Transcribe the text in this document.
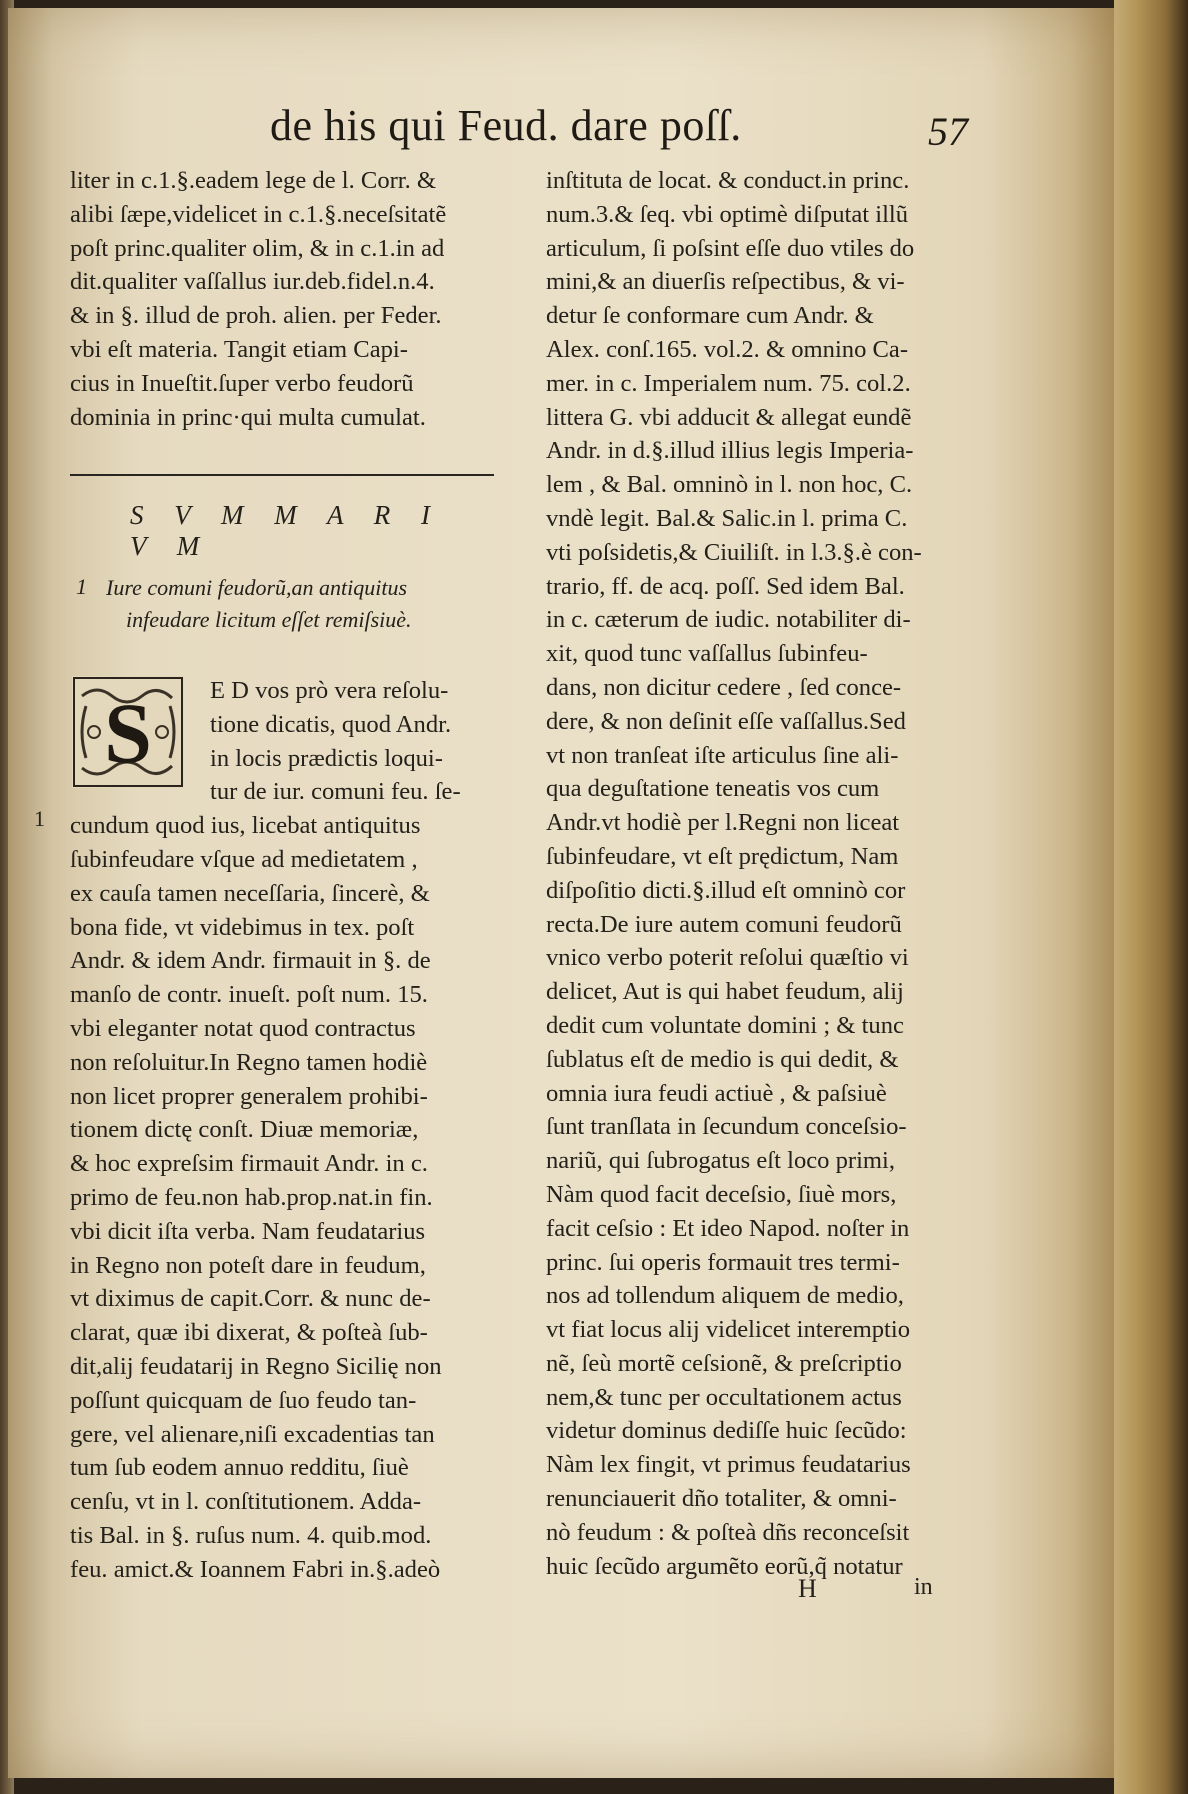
de his qui Feud. dare poſſ.	57
liter in c.1.§.eadem lege de l. Corr. &
alibi ſæpe,videlicet in c.1.§.neceſsitatẽ
poſt princ.qualiter olim, & in c.1.in ad
dit.qualiter vaſſallus iur.deb.fidel.n.4.
& in §. illud de proh. alien. per Feder.
vbi eſt materia. Tangit etiam Capi-
cius in Inueſtit.ſuper verbo feudorũ
dominia in princ·qui multa cumulat.
S V M M A R I V M
1 Iure comuni feudorũ,an antiquitus
infeudare licitum eſſet remiſsiuè.
E D vos prò vera reſolu-
tione dicatis, quod Andr.
in locis prædictis loqui-
tur de iur. comuni feu. ſe-
cundum quod ius, licebat antiquitus
ſubinfeudare vſque ad medietatem ,
ex cauſa tamen neceſſaria, ſincerè, &
bona fide, vt videbimus in tex. poſt
Andr. & idem Andr. firmauit in §. de
manſo de contr. inueſt. poſt num. 15.
vbi eleganter notat quod contractus
non reſoluitur.In Regno tamen hodiè
non licet proprer generalem prohibi-
tionem dictę conſt. Diuæ memoriæ,
& hoc expreſsim firmauit Andr. in c.
primo de feu.non hab.prop.nat.in fin.
vbi dicit iſta verba. Nam feudatarius
in Regno non poteſt dare in feudum,
vt diximus de capit.Corr. & nunc de-
clarat, quæ ibi dixerat, & poſteà ſub-
dit,alij feudatarij in Regno Sicilię non
poſſunt quicquam de ſuo feudo tan-
gere, vel alienare,niſi excadentias tan
tum ſub eodem annuo redditu, ſiuè
cenſu, vt in l. conſtitutionem. Adda-
tis Bal. in §. ruſus num. 4. quib.mod.
feu. amict.& Ioannem Fabri in.§.adeò
S
1
inſtituta de locat. & conduct.in princ.
num.3.& ſeq. vbi optimè diſputat illũ
articulum, ſi poſsint eſſe duo vtiles do
mini,& an diuerſis reſpectibus, & vi-
detur ſe conformare cum Andr. &
Alex. conſ.165. vol.2. & omnino Ca-
mer. in c. Imperialem num. 75. col.2.
littera G. vbi adducit & allegat eundẽ
Andr. in d.§.illud illius legis Imperia-
lem , & Bal. omninò in l. non hoc, C.
vndè legit. Bal.& Salic.in l. prima C.
vti poſsidetis,& Ciuiliſt. in l.3.§.è con-
trario, ff. de acq. poſſ. Sed idem Bal.
in c. cæterum de iudic. notabiliter di-
xit, quod tunc vaſſallus ſubinfeu-
dans, non dicitur cedere , ſed conce-
dere, & non deſinit eſſe vaſſallus.Sed
vt non tranſeat iſte articulus ſine ali-
qua deguſtatione teneatis vos cum
Andr.vt hodiè per l.Regni non liceat
ſubinfeudare, vt eſt prędictum, Nam
diſpoſitio dicti.§.illud eſt omninò cor
recta.De iure autem comuni feudorũ
vnico verbo poterit reſolui quæſtio vi
delicet, Aut is qui habet feudum, alij
dedit cum voluntate domini ; & tunc
ſublatus eſt de medio is qui dedit, &
omnia iura feudi actiuè , & paſsiuè
ſunt tranſlata in ſecundum conceſsio-
nariũ, qui ſubrogatus eſt loco primi,
Nàm quod facit deceſsio, ſiuè mors,
facit ceſsio : Et ideo Napod. noſter in
princ. ſui operis formauit tres termi-
nos ad tollendum aliquem de medio,
vt fiat locus alij videlicet interemptio
nẽ, ſeù mortẽ ceſsionẽ, & preſcriptio
nem,& tunc per occultationem actus
videtur dominus dediſſe huic ſecũdo:
Nàm lex fingit, vt primus feudatarius
renunciauerit dño totaliter, & omni-
nò feudum : & poſteà dñs reconceſsit
huic ſecũdo argumẽto eorũ,q̃ notatur
H	in
